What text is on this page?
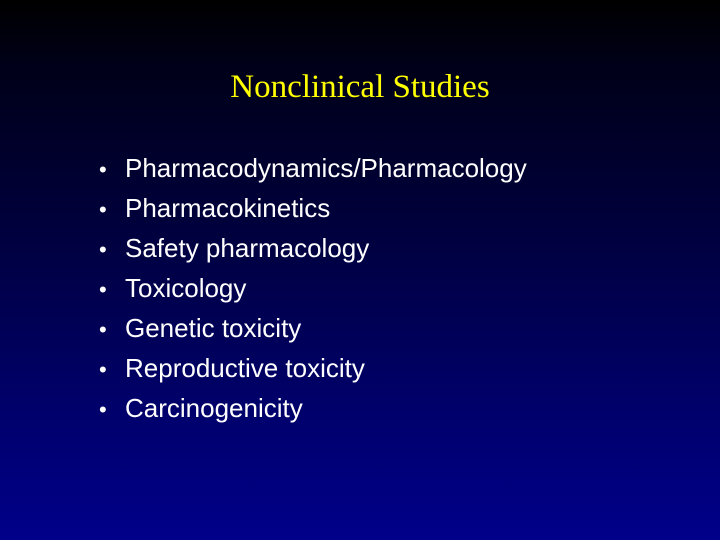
Nonclinical Studies
• Pharmacodynamics/Pharmacology
• Pharmacokinetics
• Safety pharmacology
• Toxicology
• Genetic toxicity
• Reproductive toxicity
• Carcinogenicity
